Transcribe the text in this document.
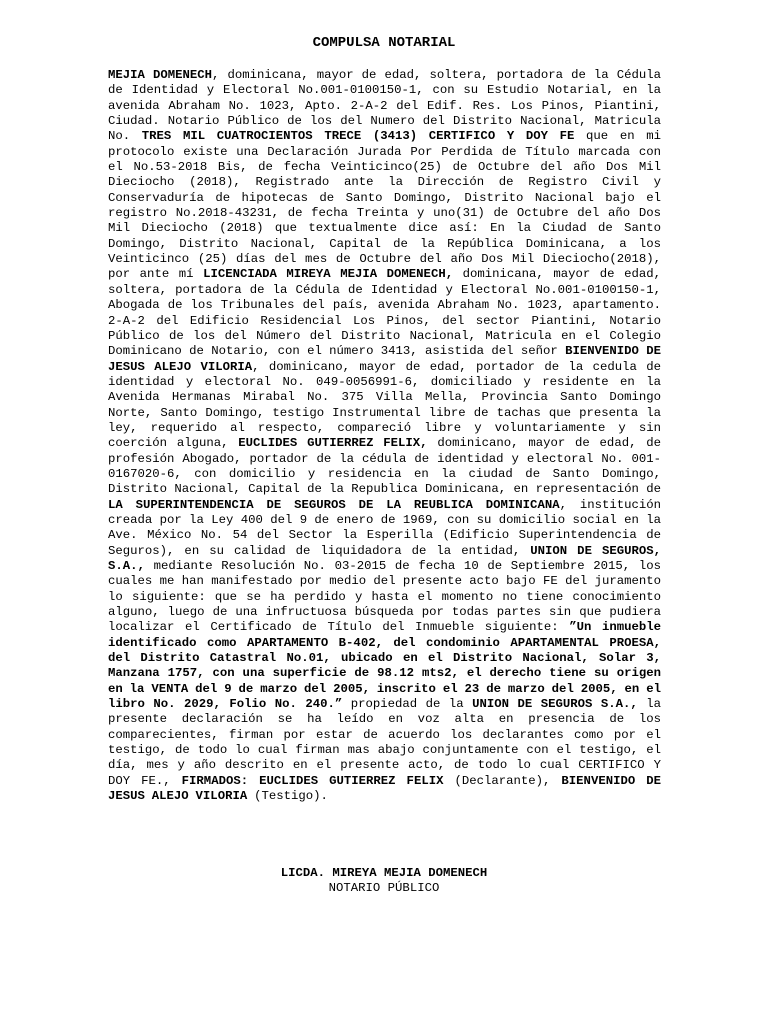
COMPULSA NOTARIAL
MEJIA DOMENECH, dominicana, mayor de edad, soltera, portadora de la Cédula de Identidad y Electoral No.001-0100150-1, con su Estudio Notarial, en la avenida Abraham No. 1023, Apto. 2-A-2 del Edif. Res. Los Pinos, Piantini, Ciudad. Notario Público de los del Numero del Distrito Nacional, Matricula No. TRES MIL CUATROCIENTOS TRECE (3413) CERTIFICO Y DOY FE que en mi protocolo existe una Declaración Jurada Por Perdida de Título marcada con el No.53-2018 Bis, de fecha Veinticinco(25) de Octubre del año Dos Mil Dieciocho (2018), Registrado ante la Dirección de Registro Civil y Conservaduría de hipotecas de Santo Domingo, Distrito Nacional bajo el registro No.2018-43231, de fecha Treinta y uno(31) de Octubre del año Dos Mil Dieciocho (2018) que textualmente dice así: En la Ciudad de Santo Domingo, Distrito Nacional, Capital de la República Dominicana, a los Veinticinco (25) días del mes de Octubre del año Dos Mil Dieciocho(2018), por ante mí LICENCIADA MIREYA MEJIA DOMENECH, dominicana, mayor de edad, soltera, portadora de la Cédula de Identidad y Electoral No.001-0100150-1, Abogada de los Tribunales del país, avenida Abraham No. 1023, apartamento. 2-A-2 del Edificio Residencial Los Pinos, del sector Piantini, Notario Público de los del Número del Distrito Nacional, Matricula en el Colegio Dominicano de Notario, con el número 3413, asistida del señor BIENVENIDO DE JESUS ALEJO VILORIA, dominicano, mayor de edad, portador de la cedula de identidad y electoral No. 049-0056991-6, domiciliado y residente en la Avenida Hermanas Mirabal No. 375 Villa Mella, Provincia Santo Domingo Norte, Santo Domingo, testigo Instrumental libre de tachas que presenta la ley, requerido al respecto, compareció libre y voluntariamente y sin coerción alguna, EUCLIDES GUTIERREZ FELIX, dominicano, mayor de edad, de profesión Abogado, portador de la cédula de identidad y electoral No. 001-0167020-6, con domicilio y residencia en la ciudad de Santo Domingo, Distrito Nacional, Capital de la Republica Dominicana, en representación de LA SUPERINTENDENCIA DE SEGUROS DE LA REUBLICA DOMINICANA, institución creada por la Ley 400 del 9 de enero de 1969, con su domicilio social en la Ave. México No. 54 del Sector la Esperilla (Edificio Superintendencia de Seguros), en su calidad de liquidadora de la entidad, UNION DE SEGUROS, S.A., mediante Resolución No. 03-2015 de fecha 10 de Septiembre 2015, los cuales me han manifestado por medio del presente acto bajo FE del juramento lo siguiente: que se ha perdido y hasta el momento no tiene conocimiento alguno, luego de una infructuosa búsqueda por todas partes sin que pudiera localizar el Certificado de Título del Inmueble siguiente: ”Un inmueble identificado como APARTAMENTO B-402, del condominio APARTAMENTAL PROESA, del Distrito Catastral No.01, ubicado en el Distrito Nacional, Solar 3, Manzana 1757, con una superficie de 98.12 mts2, el derecho tiene su origen en la VENTA del 9 de marzo del 2005, inscrito el 23 de marzo del 2005, en el libro No. 2029, Folio No. 240.” propiedad de la UNION DE SEGUROS S.A., la presente declaración se ha leído en voz alta en presencia de los comparecientes, firman por estar de acuerdo los declarantes como por el testigo, de todo lo cual firman mas abajo conjuntamente con el testigo, el día, mes y año descrito en el presente acto, de todo lo cual CERTIFICO Y DOY FE., FIRMADOS: EUCLIDES GUTIERREZ FELIX (Declarante), BIENVENIDO DE JESUS ALEJO VILORIA (Testigo).
LICDA. MIREYA MEJIA DOMENECH
NOTARIO PÚBLICO
